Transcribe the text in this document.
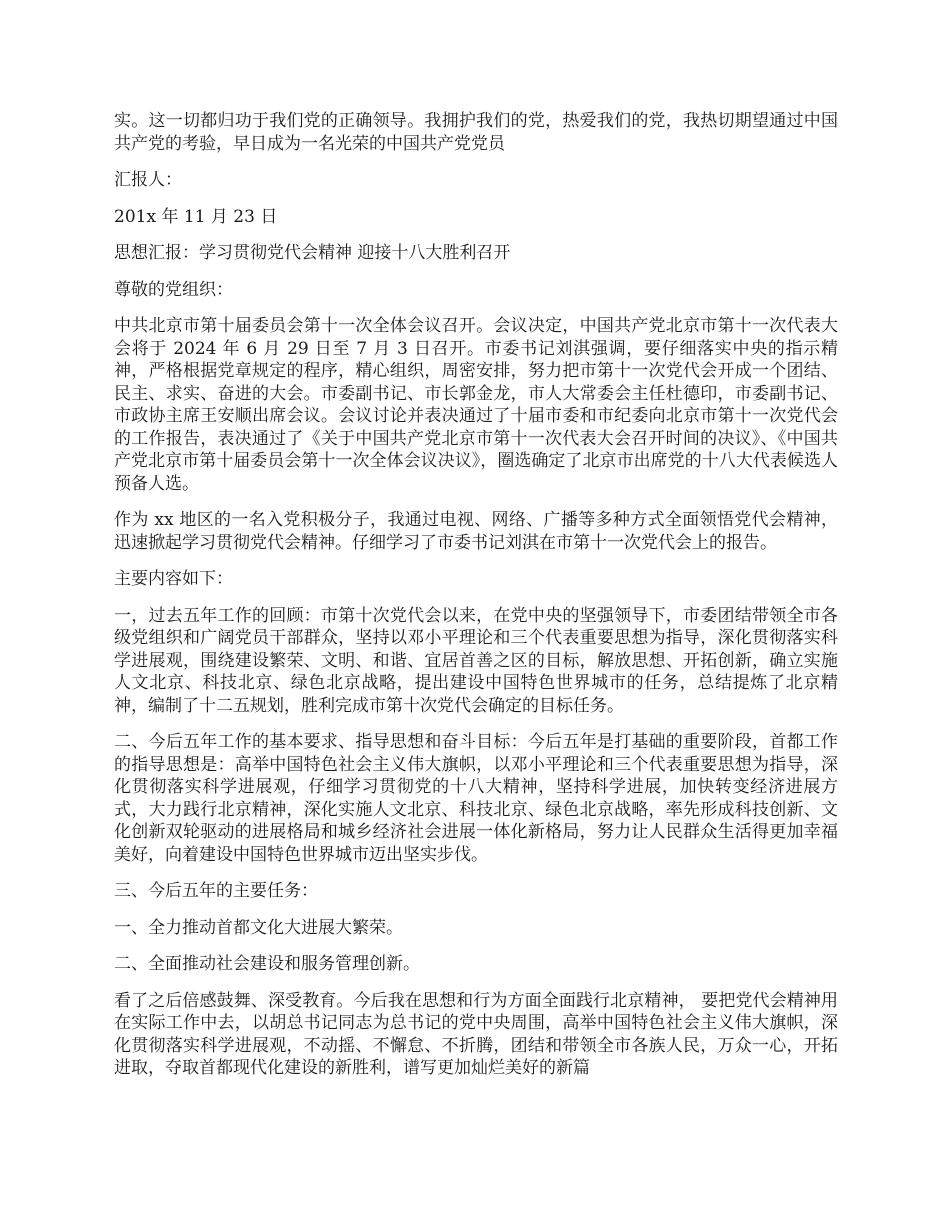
实。这一切都归功于我们党的正确领导。我拥护我们的党，热爱我们的党，我热切期望通过中国共产党的考验，早日成为一名光荣的中国共产党党员

汇报人：

201x 年 11 月 23 日

思想汇报：学习贯彻党代会精神 迎接十八大胜利召开

尊敬的党组织：

中共北京市第十届委员会第十一次全体会议召开。会议决定，中国共产党北京市第十一次代表大会将于 2024 年 6 月 29 日至 7 月 3 日召开。市委书记刘淇强调，要仔细落实中央的指示精神，严格根据党章规定的程序，精心组织，周密安排，努力把市第十一次党代会开成一个团结、民主、求实、奋进的大会。市委副书记、市长郭金龙，市人大常委会主任杜德印，市委副书记、市政协主席王安顺出席会议。会议讨论并表决通过了十届市委和市纪委向北京市第十一次党代会的工作报告，表决通过了《关于中国共产党北京市第十一次代表大会召开时间的决议》、《中国共产党北京市第十届委员会第十一次全体会议决议》，圈选确定了北京市出席党的十八大代表候选人预备人选。

作为 xx 地区的一名入党积极分子，我通过电视、网络、广播等多种方式全面领悟党代会精神，迅速掀起学习贯彻党代会精神。仔细学习了市委书记刘淇在市第十一次党代会上的报告。

主要内容如下：

一，过去五年工作的回顾：市第十次党代会以来，在党中央的坚强领导下，市委团结带领全市各级党组织和广阔党员干部群众，坚持以邓小平理论和三个代表重要思想为指导，深化贯彻落实科学进展观，围绕建设繁荣、文明、和谐、宜居首善之区的目标，解放思想、开拓创新，确立实施人文北京、科技北京、绿色北京战略，提出建设中国特色世界城市的任务，总结提炼了北京精神，编制了十二五规划，胜利完成市第十次党代会确定的目标任务。

二、今后五年工作的基本要求、指导思想和奋斗目标：今后五年是打基础的重要阶段，首都工作的指导思想是：高举中国特色社会主义伟大旗帜，以邓小平理论和三个代表重要思想为指导，深化贯彻落实科学进展观，仔细学习贯彻党的十八大精神，坚持科学进展，加快转变经济进展方式，大力践行北京精神，深化实施人文北京、科技北京、绿色北京战略，率先形成科技创新、文化创新双轮驱动的进展格局和城乡经济社会进展一体化新格局，努力让人民群众生活得更加幸福美好，向着建设中国特色世界城市迈出坚实步伐。

三、今后五年的主要任务：

一、全力推动首都文化大进展大繁荣。

二、全面推动社会建设和服务管理创新。

看了之后倍感鼓舞、深受教育。今后我在思想和行为方面全面践行北京精神， 要把党代会精神用在实际工作中去，以胡总书记同志为总书记的党中央周围，高举中国特色社会主义伟大旗帜，深化贯彻落实科学进展观，不动摇、不懈怠、不折腾，团结和带领全市各族人民，万众一心，开拓进取，夺取首都现代化建设的新胜利，谱写更加灿烂美好的新篇
